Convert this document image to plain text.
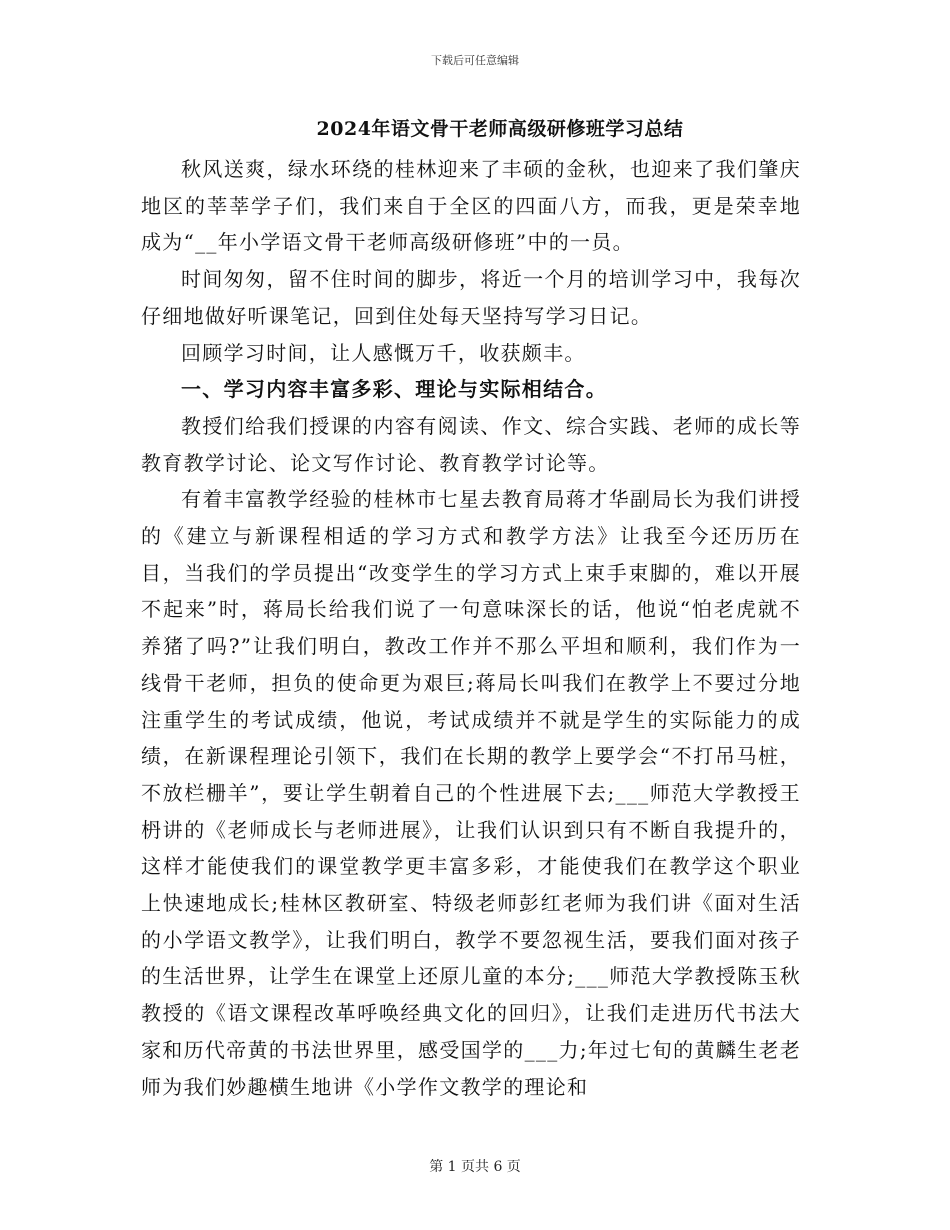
下载后可任意编辑
2024年语文骨干老师高级研修班学习总结

秋风送爽，绿水环绕的桂林迎来了丰硕的金秋，也迎来了我们肇庆地区的莘莘学子们，我们来自于全区的四面八方，而我，更是荣幸地成为“__年小学语文骨干老师高级研修班”中的一员。

时间匆匆，留不住时间的脚步，将近一个月的培训学习中，我每次仔细地做好听课笔记，回到住处每天坚持写学习日记。

回顾学习时间，让人感慨万千，收获颇丰。

一、学习内容丰富多彩、理论与实际相结合。

教授们给我们授课的内容有阅读、作文、综合实践、老师的成长等教育教学讨论、论文写作讨论、教育教学讨论等。

有着丰富教学经验的桂林市七星去教育局蒋才华副局长为我们讲授的《建立与新课程相适的学习方式和教学方法》让我至今还历历在目，当我们的学员提出“改变学生的学习方式上束手束脚的，难以开展不起来”时，蒋局长给我们说了一句意味深长的话，他说“怕老虎就不养猪了吗?”让我们明白，教改工作并不那么平坦和顺利，我们作为一线骨干老师，担负的使命更为艰巨;蒋局长叫我们在教学上不要过分地注重学生的考试成绩，他说，考试成绩并不就是学生的实际能力的成绩，在新课程理论引领下，我们在长期的教学上要学会“不打吊马桩，不放栏栅羊”，要让学生朝着自己的个性进展下去;___师范大学教授王枬讲的《老师成长与老师进展》，让我们认识到只有不断自我提升的，这样才能使我们的课堂教学更丰富多彩，才能使我们在教学这个职业上快速地成长;桂林区教研室、特级老师彭红老师为我们讲《面对生活的小学语文教学》，让我们明白，教学不要忽视生活，要我们面对孩子的生活世界，让学生在课堂上还原儿童的本分;___师范大学教授陈玉秋教授的《语文课程改革呼唤经典文化的回归》，让我们走进历代书法大家和历代帝黄的书法世界里，感受国学的___力;年过七旬的黄麟生老老师为我们妙趣横生地讲《小学作文教学的理论和

第 1 页共 6 页
